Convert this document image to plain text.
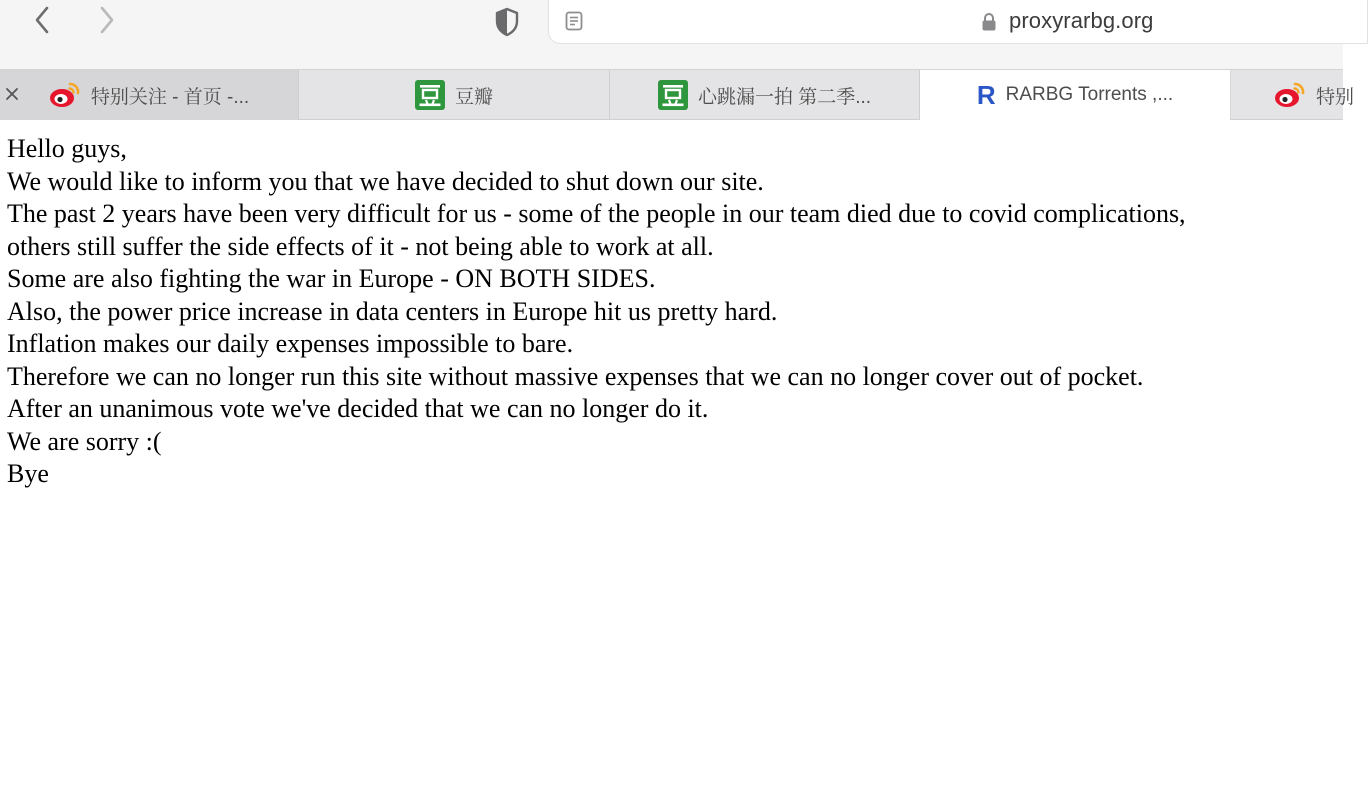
proxyrarbg.org
特别关注 - 首页 -...	豆瓣	心跳漏一拍 第二季...	R RARBG Torrents ,...	特别
Hello guys,
We would like to inform you that we have decided to shut down our site.
The past 2 years have been very difficult for us - some of the people in our team died due to covid complications,
others still suffer the side effects of it - not being able to work at all.
Some are also fighting the war in Europe - ON BOTH SIDES.
Also, the power price increase in data centers in Europe hit us pretty hard.
Inflation makes our daily expenses impossible to bare.
Therefore we can no longer run this site without massive expenses that we can no longer cover out of pocket.
After an unanimous vote we've decided that we can no longer do it.
We are sorry :(
Bye
